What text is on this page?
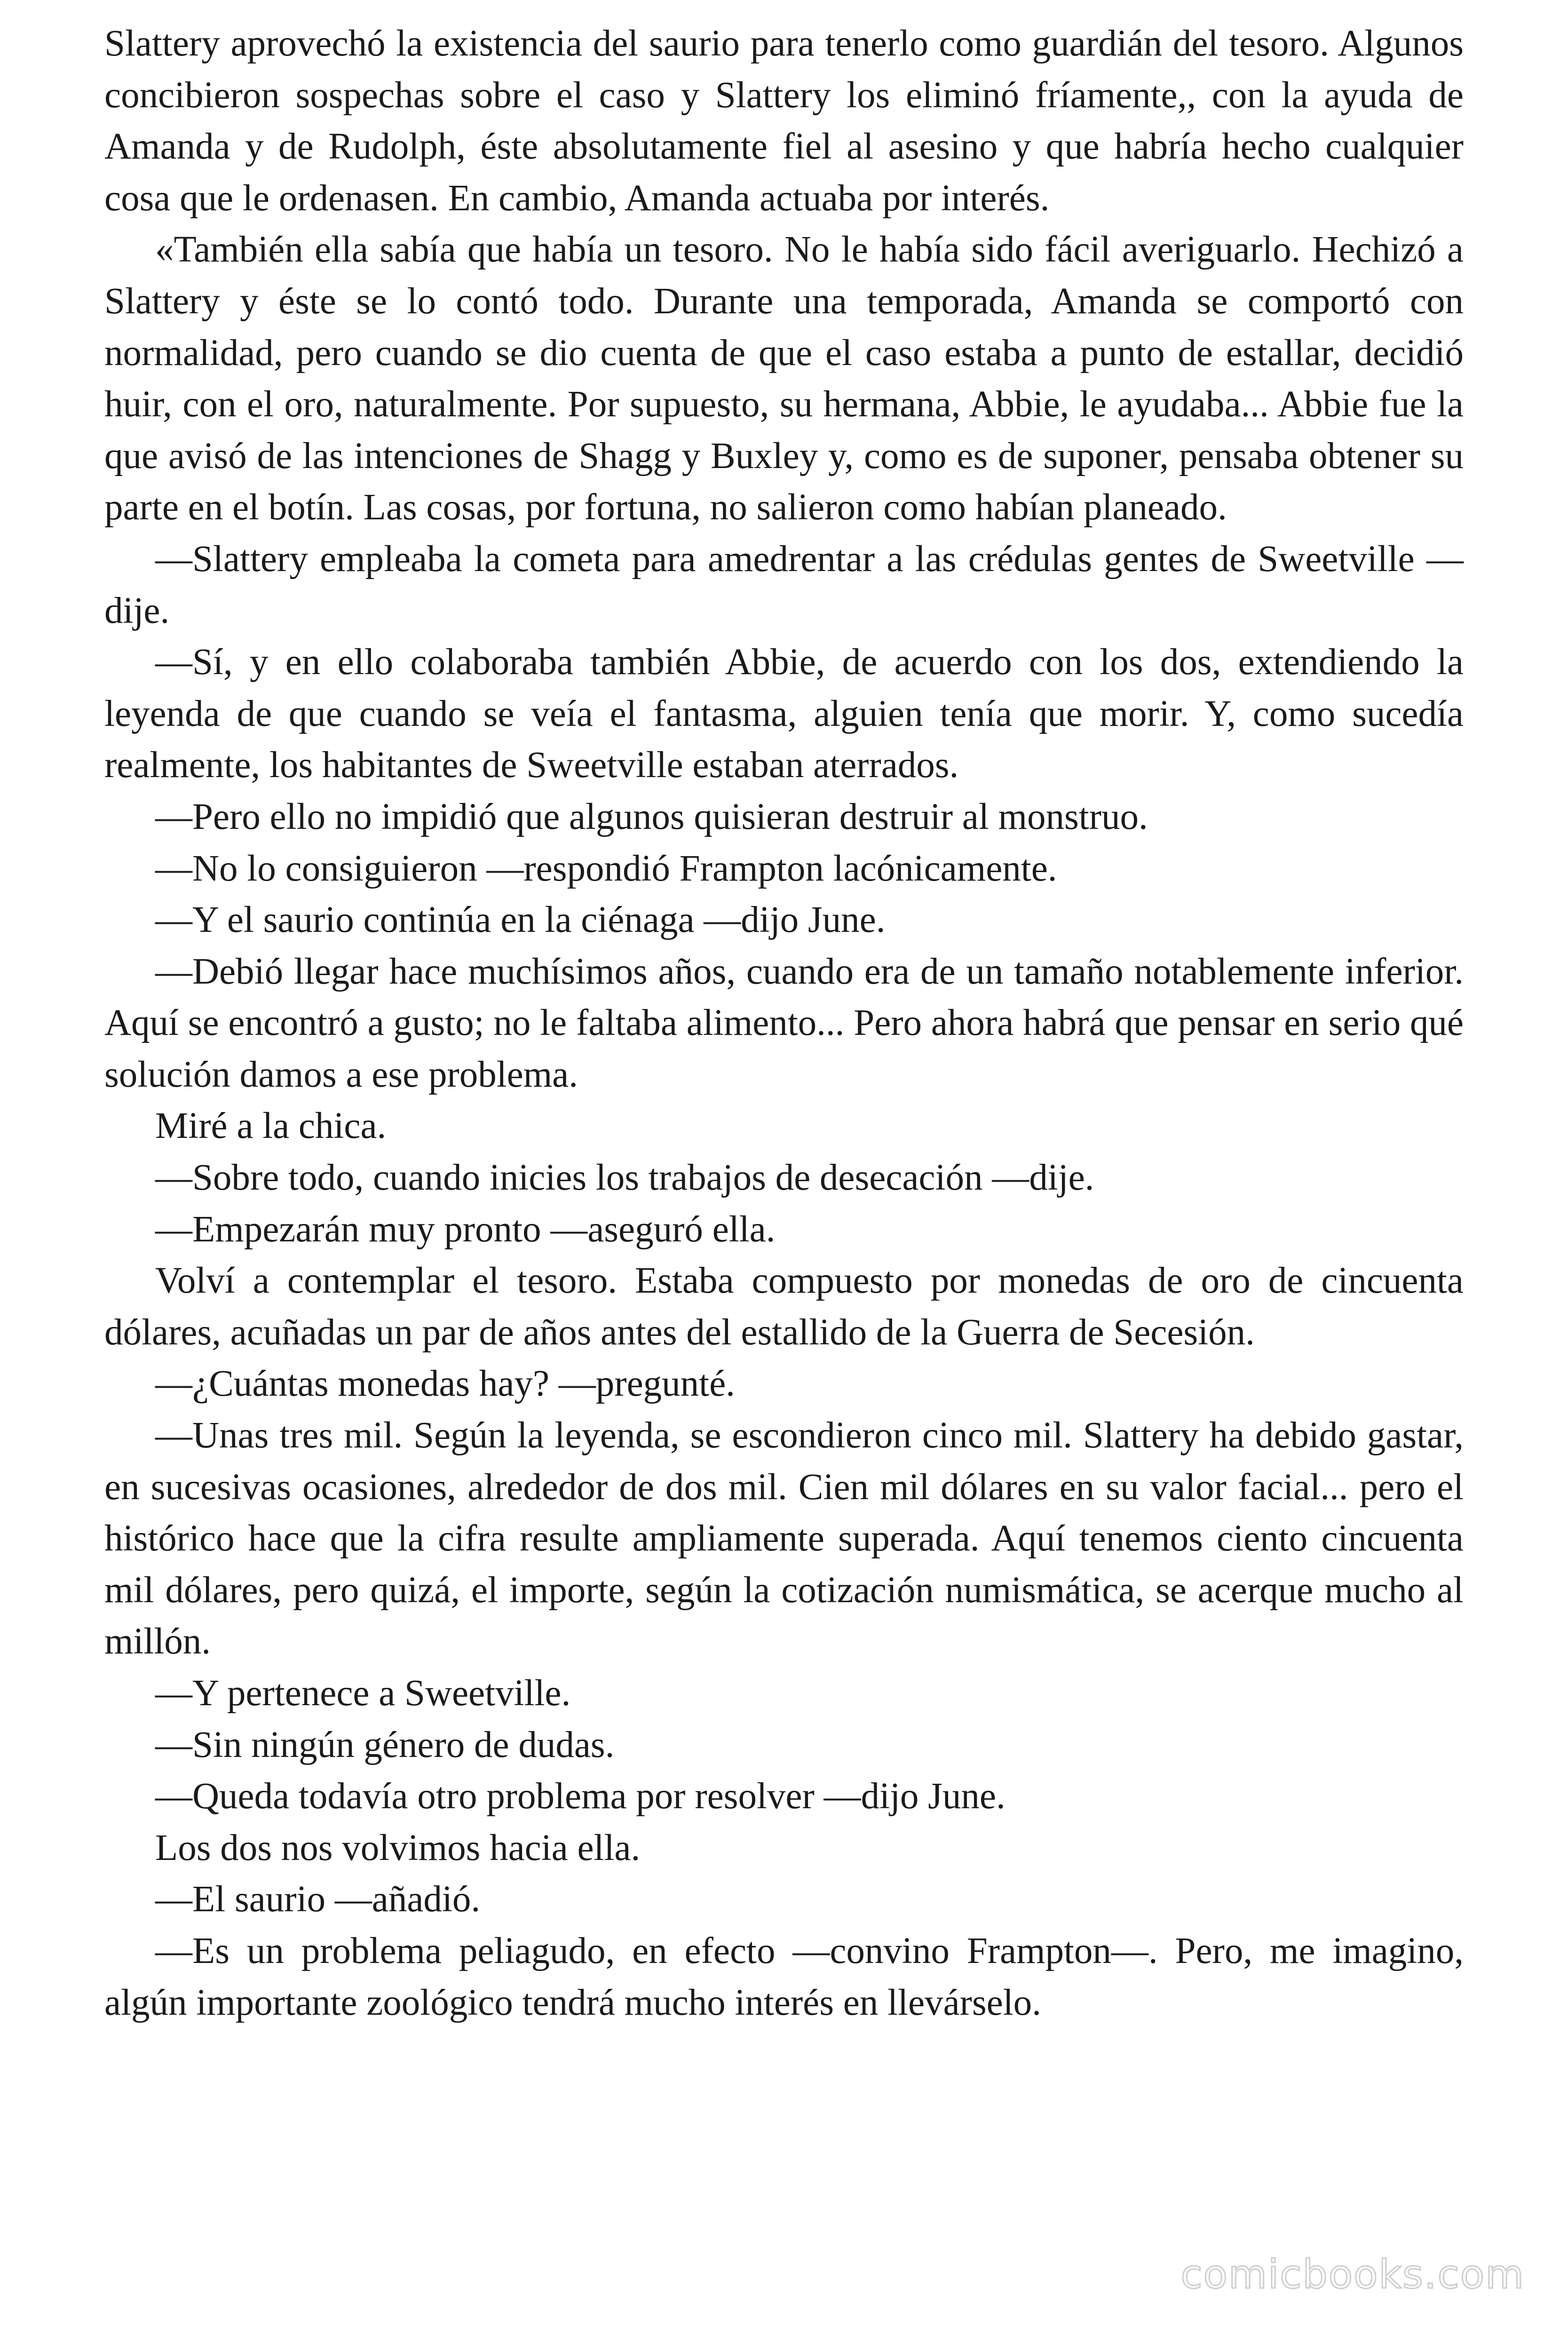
Slattery aprovechó la existencia del saurio para tenerlo como guardián del tesoro. Algunos concibieron sospechas sobre el caso y Slattery los eliminó fríamente,, con la ayuda de Amanda y de Rudolph, éste absolutamente fiel al asesino y que habría hecho cualquier cosa que le ordenasen. En cambio, Amanda actuaba por interés.

«También ella sabía que había un tesoro. No le había sido fácil averiguarlo. Hechizó a Slattery y éste se lo contó todo. Durante una temporada, Amanda se comportó con normalidad, pero cuando se dio cuenta de que el caso estaba a punto de estallar, decidió huir, con el oro, naturalmente. Por supuesto, su hermana, Abbie, le ayudaba... Abbie fue la que avisó de las intenciones de Shagg y Buxley y, como es de suponer, pensaba obtener su parte en el botín. Las cosas, por fortuna, no salieron como habían planeado.

—Slattery empleaba la cometa para amedrentar a las crédulas gentes de Sweetville —dije.

—Sí, y en ello colaboraba también Abbie, de acuerdo con los dos, extendiendo la leyenda de que cuando se veía el fantasma, alguien tenía que morir. Y, como sucedía realmente, los habitantes de Sweetville estaban aterrados.

—Pero ello no impidió que algunos quisieran destruir al monstruo.

—No lo consiguieron —respondió Frampton lacónicamente.

—Y el saurio continúa en la ciénaga —dijo June.

—Debió llegar hace muchísimos años, cuando era de un tamaño notablemente inferior. Aquí se encontró a gusto; no le faltaba alimento... Pero ahora habrá que pensar en serio qué solución damos a ese problema.

Miré a la chica.

—Sobre todo, cuando inicies los trabajos de desecación —dije.

—Empezarán muy pronto —aseguró ella.

Volví a contemplar el tesoro. Estaba compuesto por monedas de oro de cincuenta dólares, acuñadas un par de años antes del estallido de la Guerra de Secesión.

—¿Cuántas monedas hay? —pregunté.

—Unas tres mil. Según la leyenda, se escondieron cinco mil. Slattery ha debido gastar, en sucesivas ocasiones, alrededor de dos mil. Cien mil dólares en su valor facial... pero el histórico hace que la cifra resulte ampliamente superada. Aquí tenemos ciento cincuenta mil dólares, pero quizá, el importe, según la cotización numismática, se acerque mucho al millón.

—Y pertenece a Sweetville.

—Sin ningún género de dudas.

—Queda todavía otro problema por resolver —dijo June.

Los dos nos volvimos hacia ella.

—El saurio —añadió.

—Es un problema peliagudo, en efecto —convino Frampton—. Pero, me imagino, algún importante zoológico tendrá mucho interés en llevárselo.

comicbooks.com
